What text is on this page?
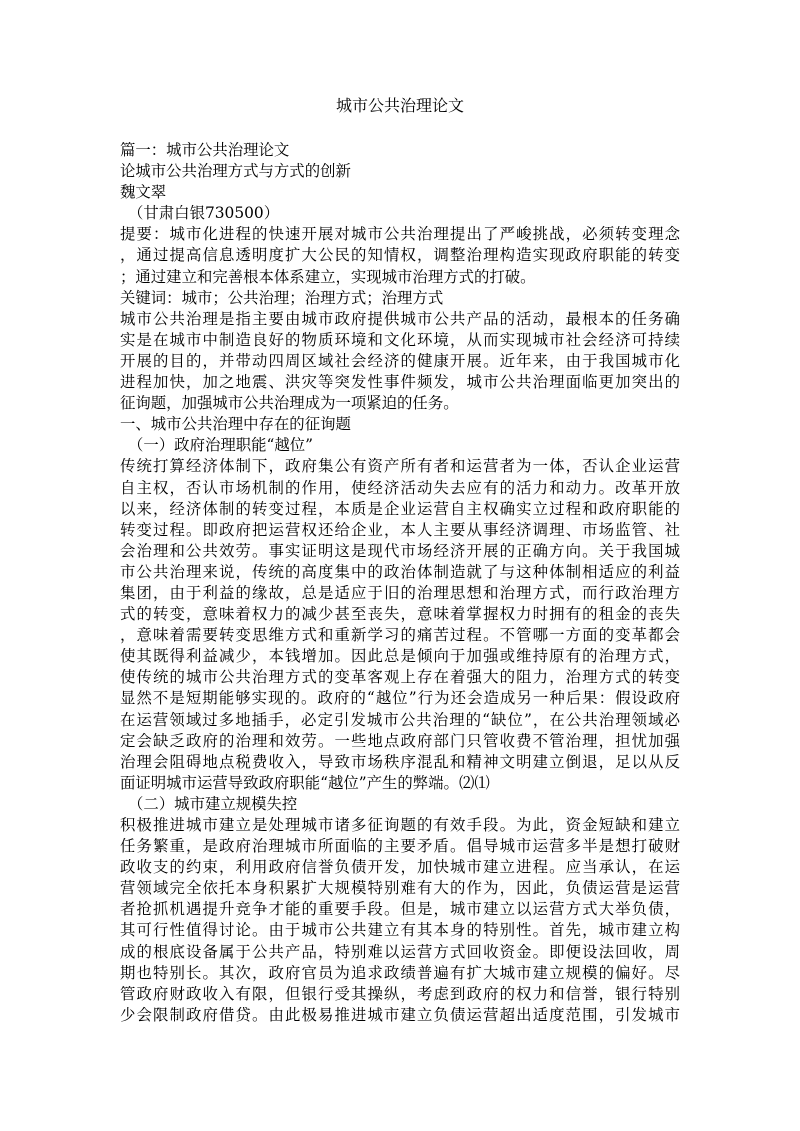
城市公共治理论文
篇一：城市公共治理论文
论城市公共治理方式与方式的创新
魏文翠
（甘肃白银730500）
提要：城市化进程的快速开展对城市公共治理提出了严峻挑战，必须转变理念
，通过提高信息透明度扩大公民的知情权，调整治理构造实现政府职能的转变
；通过建立和完善根本体系建立，实现城市治理方式的打破。
关键词：城市；公共治理；治理方式；治理方式
城市公共治理是指主要由城市政府提供城市公共产品的活动，最根本的任务确
实是在城市中制造良好的物质环境和文化环境，从而实现城市社会经济可持续
开展的目的，并带动四周区域社会经济的健康开展。近年来，由于我国城市化
进程加快，加之地震、洪灾等突发性事件频发，城市公共治理面临更加突出的
征询题，加强城市公共治理成为一项紧迫的任务。
一、城市公共治理中存在的征询题
（一）政府治理职能“越位”
传统打算经济体制下，政府集公有资产所有者和运营者为一体，否认企业运营
自主权，否认市场机制的作用，使经济活动失去应有的活力和动力。改革开放
以来，经济体制的转变过程，本质是企业运营自主权确实立过程和政府职能的
转变过程。即政府把运营权还给企业，本人主要从事经济调理、市场监管、社
会治理和公共效劳。事实证明这是现代市场经济开展的正确方向。关于我国城
市公共治理来说，传统的高度集中的政治体制造就了与这种体制相适应的利益
集团，由于利益的缘故，总是适应于旧的治理思想和治理方式，而行政治理方
式的转变，意味着权力的减少甚至丧失，意味着掌握权力时拥有的租金的丧失
，意味着需要转变思维方式和重新学习的痛苦过程。不管哪一方面的变革都会
使其既得利益减少，本钱增加。因此总是倾向于加强或维持原有的治理方式，
使传统的城市公共治理方式的变革客观上存在着强大的阻力，治理方式的转变
显然不是短期能够实现的。政府的“越位”行为还会造成另一种后果：假设政府
在运营领域过多地插手，必定引发城市公共治理的“缺位”，在公共治理领域必
定会缺乏政府的治理和效劳。一些地点政府部门只管收费不管治理，担忧加强
治理会阻碍地点税费收入，导致市场秩序混乱和精神文明建立倒退，足以从反
面证明城市运营导致政府职能“越位”产生的弊端。⑵⑴
（二）城市建立规模失控
积极推进城市建立是处理城市诸多征询题的有效手段。为此，资金短缺和建立
任务繁重，是政府治理城市所面临的主要矛盾。倡导城市运营多半是想打破财
政收支的约束，利用政府信誉负债开发，加快城市建立进程。应当承认，在运
营领域完全依托本身积累扩大规模特别难有大的作为，因此，负债运营是运营
者抢抓机遇提升竞争才能的重要手段。但是，城市建立以运营方式大举负债，
其可行性值得讨论。由于城市公共建立有其本身的特别性。首先，城市建立构
成的根底设备属于公共产品，特别难以运营方式回收资金。即便设法回收，周
期也特别长。其次，政府官员为追求政绩普遍有扩大城市建立规模的偏好。尽
管政府财政收入有限，但银行受其操纵，考虑到政府的权力和信誉，银行特别
少会限制政府借贷。由此极易推进城市建立负债运营超出适度范围，引发城市
